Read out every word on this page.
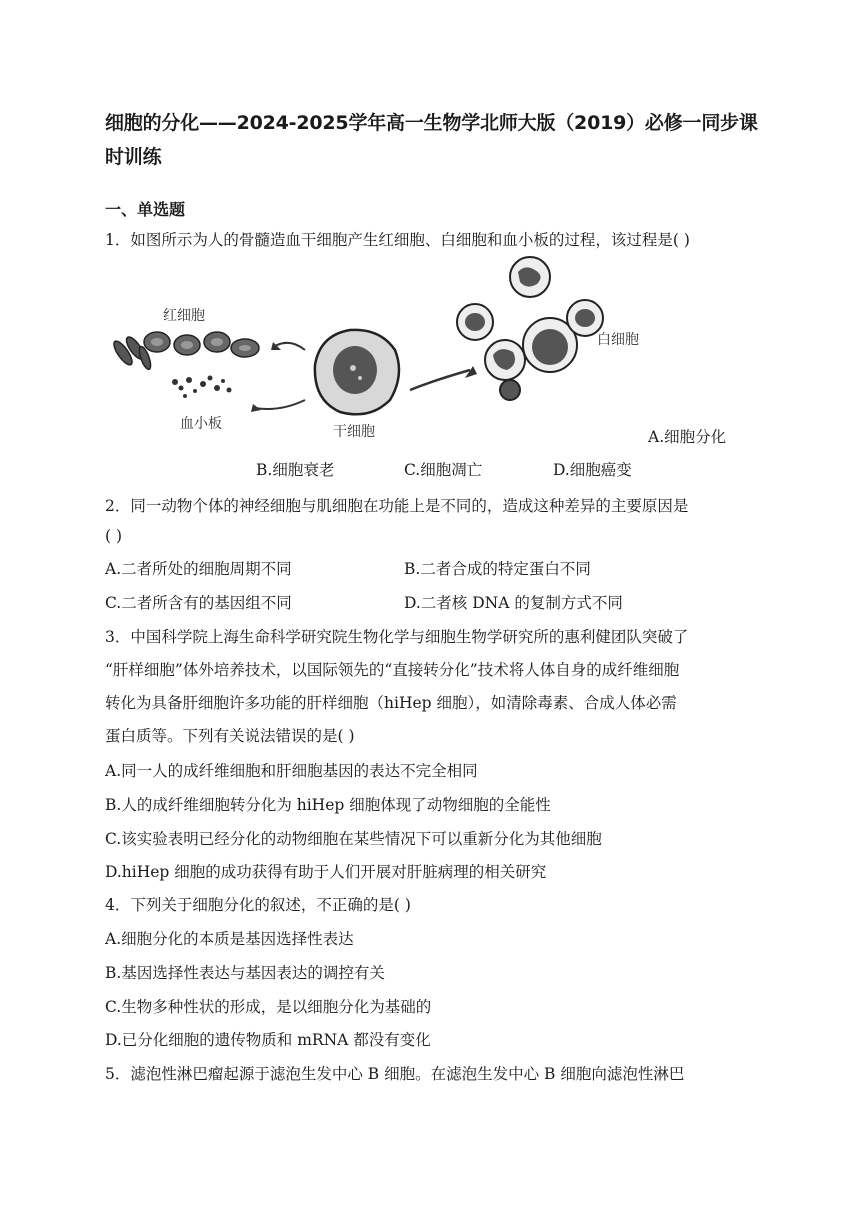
细胞的分化——2024-2025学年高一生物学北师大版（2019）必修一同步课时训练
一、单选题
1．如图所示为人的骨髓造血干细胞产生红细胞、白细胞和血小板的过程，该过程是( )
红细胞
血小板	干细胞
白细胞
A.细胞分化
B.细胞衰老	C.细胞凋亡	D.细胞癌变
2．同一动物个体的神经细胞与肌细胞在功能上是不同的，造成这种差异的主要原因是
( )
A.二者所处的细胞周期不同	B.二者合成的特定蛋白不同
C.二者所含有的基因组不同	D.二者核 DNA 的复制方式不同
3．中国科学院上海生命科学研究院生物化学与细胞生物学研究所的惠利健团队突破了
“肝样细胞”体外培养技术，以国际领先的“直接转分化”技术将人体自身的成纤维细胞
转化为具备肝细胞许多功能的肝样细胞（hiHep 细胞），如清除毒素、合成人体必需
蛋白质等。下列有关说法错误的是( )
A.同一人的成纤维细胞和肝细胞基因的表达不完全相同
B.人的成纤维细胞转分化为 hiHep 细胞体现了动物细胞的全能性
C.该实验表明已经分化的动物细胞在某些情况下可以重新分化为其他细胞
D.hiHep 细胞的成功获得有助于人们开展对肝脏病理的相关研究
4．下列关于细胞分化的叙述，不正确的是( )
A.细胞分化的本质是基因选择性表达
B.基因选择性表达与基因表达的调控有关
C.生物多种性状的形成，是以细胞分化为基础的
D.已分化细胞的遗传物质和 mRNA 都没有变化
5．滤泡性淋巴瘤起源于滤泡生发中心 B 细胞。在滤泡生发中心 B 细胞向滤泡性淋巴
